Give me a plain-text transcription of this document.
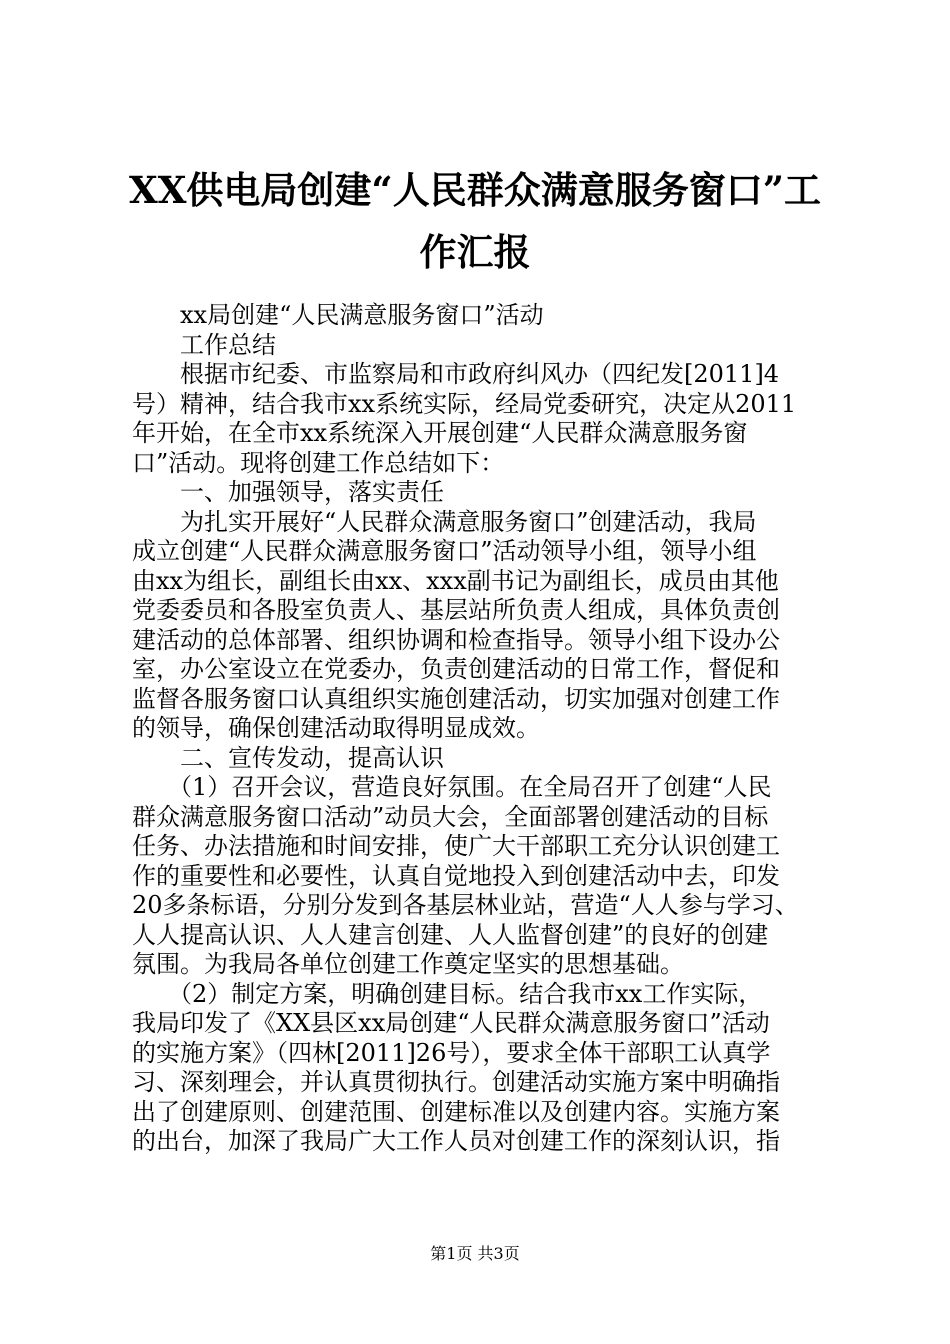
XX供电局创建“人民群众满意服务窗口”工
作汇报
　　xx局创建“人民满意服务窗口”活动
　　工作总结
　　根据市纪委、市监察局和市政府纠风办（四纪发[2011]4
号）精神，结合我市xx系统实际，经局党委研究，决定从2011
年开始，在全市xx系统深入开展创建“人民群众满意服务窗
口”活动。现将创建工作总结如下：
　　一、加强领导，落实责任
　　为扎实开展好“人民群众满意服务窗口”创建活动，我局
成立创建“人民群众满意服务窗口”活动领导小组，领导小组
由xx为组长，副组长由xx、xxx副书记为副组长，成员由其他
党委委员和各股室负责人、基层站所负责人组成，具体负责创
建活动的总体部署、组织协调和检查指导。领导小组下设办公
室，办公室设立在党委办，负责创建活动的日常工作，督促和
监督各服务窗口认真组织实施创建活动，切实加强对创建工作
的领导，确保创建活动取得明显成效。
　　二、宣传发动，提高认识
　　（1）召开会议，营造良好氛围。在全局召开了创建“人民
群众满意服务窗口活动”动员大会，全面部署创建活动的目标
任务、办法措施和时间安排，使广大干部职工充分认识创建工
作的重要性和必要性，认真自觉地投入到创建活动中去，印发
20多条标语，分别分发到各基层林业站，营造“人人参与学习、
人人提高认识、人人建言创建、人人监督创建”的良好的创建
氛围。为我局各单位创建工作奠定坚实的思想基础。
　　（2）制定方案，明确创建目标。结合我市xx工作实际，
我局印发了《XX县区xx局创建“人民群众满意服务窗口”活动
的实施方案》（四林[2011]26号），要求全体干部职工认真学
习、深刻理会，并认真贯彻执行。创建活动实施方案中明确指
出了创建原则、创建范围、创建标准以及创建内容。实施方案
的出台，加深了我局广大工作人员对创建工作的深刻认识，指
第1页 共3页
